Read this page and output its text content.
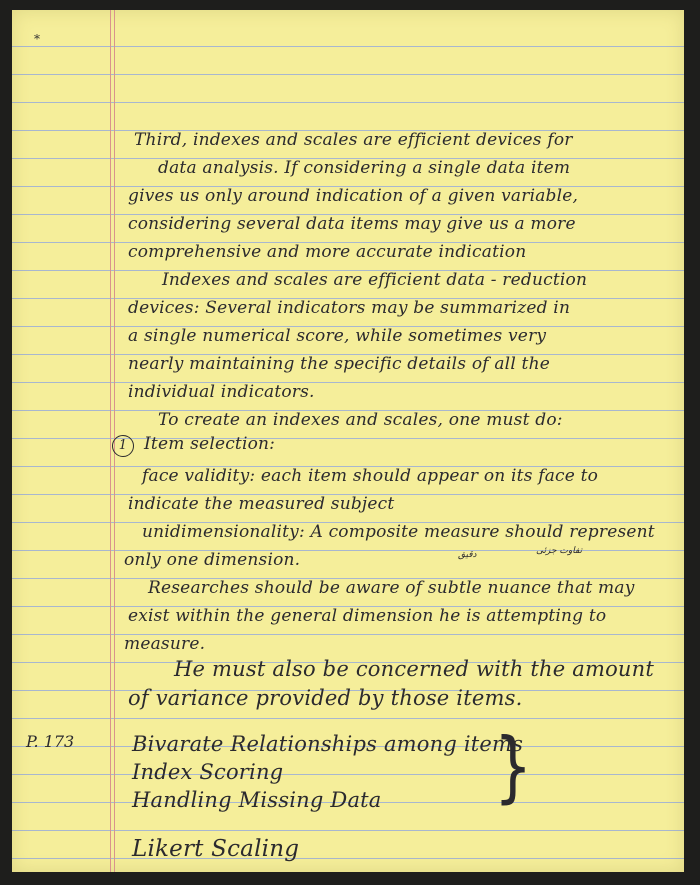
*
Third, indexes and scales are efficient devices for
data analysis. If considering a single data item
gives us only around indication of a given variable,
considering several data items may give us a more
comprehensive and more accurate indication
Indexes and scales are efficient data - reduction
devices: Several indicators may be summarized in
a single numerical score, while sometimes very
nearly maintaining the specific details of all the
individual indicators.
To create an indexes and scales, one must do:
1 Item selection:
face validity: each item should appear on its face to
indicate the measured subject
unidimensionality: A composite measure should represent
only one dimension.	دقیق	تفاوت جزئی
Researches should be aware of subtle nuance that may
exist within the general dimension he is attempting to
measure.
He must also be concerned with the amount
of variance provided by those items.
P. 173	Bivarate Relationships among items
Index Scoring
Handling Missing Data }
Likert Scaling
